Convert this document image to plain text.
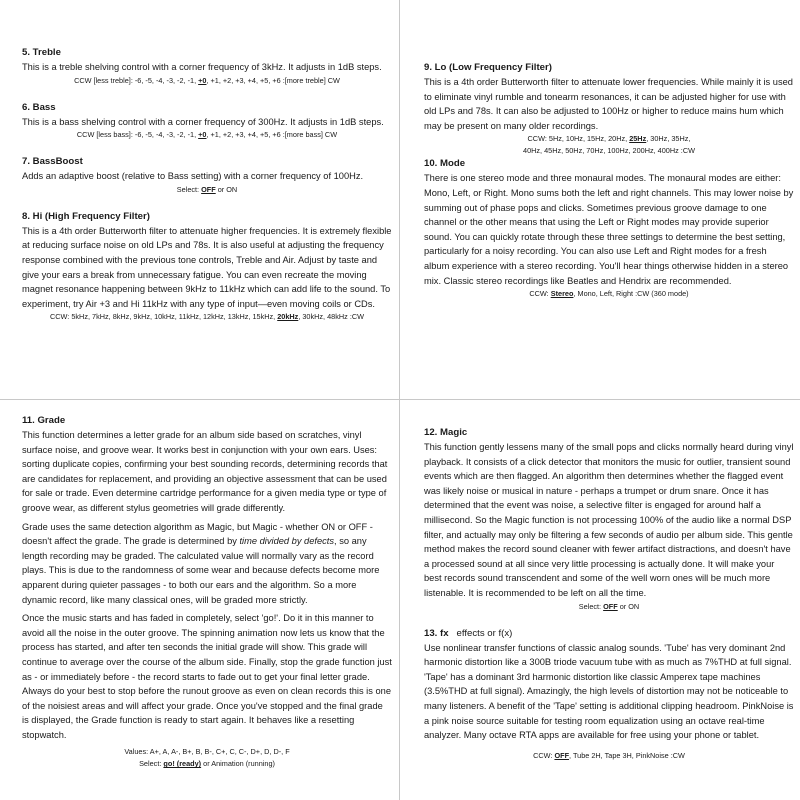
5. Treble

This is a treble shelving control with a corner frequency of 3kHz. It adjusts in 1dB steps.

CCW [less treble]: -6, -5, -4, -3, -2, -1, +0, +1, +2, +3, +4, +5, +6 :[more treble] CW

6. Bass

This is a bass shelving control with a corner frequency of 300Hz. It adjusts in 1dB steps.

CCW [less bass]: -6, -5, -4, -3, -2, -1, +0, +1, +2, +3, +4, +5, +6 :[more bass] CW

7. BassBoost

Adds an adaptive boost (relative to Bass setting) with a corner frequency of 100Hz.

Select: OFF or ON

8. Hi (High Frequency Filter)

This is a 4th order Butterworth filter to attenuate higher frequencies. It is extremely flexible at reducing surface noise on old LPs and 78s. It is also useful at adjusting the frequency response combined with the previous tone controls, Treble and Air. Adjust by taste and give your ears a break from unnecessary fatigue. You can even recreate the moving magnet resonance happening between 9kHz to 11kHz which can add life to the sound. To experiment, try Air +3 and Hi 11kHz with any type of input—even moving coils or CDs.

CCW: 5kHz, 7kHz, 8kHz, 9kHz, 10kHz, 11kHz, 12kHz, 13kHz, 15kHz, 20kHz, 30kHz, 48kHz :CW

9. Lo (Low Frequency Filter)

This is a 4th order Butterworth filter to attenuate lower frequencies. While mainly it is used to eliminate vinyl rumble and tonearm resonances, it can be adjusted higher for use with old LPs and 78s. It can also be adjusted to 100Hz or higher to reduce mains hum which may be present on many older recordings.

CCW: 5Hz, 10Hz, 15Hz, 20Hz, 25Hz, 30Hz, 35Hz,

40Hz, 45Hz, 50Hz, 70Hz, 100Hz, 200Hz, 400Hz :CW

10. Mode

There is one stereo mode and three monaural modes. The monaural modes are either: Mono, Left, or Right. Mono sums both the left and right channels. This may lower noise by summing out of phase pops and clicks. Sometimes previous groove damage to one channel or the other means that using the Left or Right modes may provide superior sound. You can quickly rotate through these three settings to determine the best setting, particularly for a noisy recording. You can also use Left and Right modes for a fresh album experience with a stereo recording. You'll hear things otherwise hidden in a stereo mix. Classic stereo recordings like Beatles and Hendrix are recommended.

CCW: Stereo, Mono, Left, Right :CW (360 mode)

11. Grade

This function determines a letter grade for an album side based on scratches, vinyl surface noise, and groove wear. It works best in conjunction with your own ears. Uses: sorting duplicate copies, confirming your best sounding records, determining records that are candidates for replacement, and providing an objective assessment that can be used for sale or trade. Even determine cartridge performance for a given media type or type of groove wear, as different stylus geometries will grade differently.

Grade uses the same detection algorithm as Magic, but Magic - whether ON or OFF - doesn't affect the grade. The grade is determined by time divided by defects, so any length recording may be graded. The calculated value will normally vary as the record plays. This is due to the randomness of some wear and because defects become more apparent during quieter passages - to both our ears and the algorithm. So a more dynamic record, like many classical ones, will be graded more strictly.

Once the music starts and has faded in completely, select 'go!'. Do it in this manner to avoid all the noise in the outer groove. The spinning animation now lets us know that the process has started, and after ten seconds the initial grade will show. This grade will continue to average over the course of the album side. Finally, stop the grade function just as - or immediately before - the record starts to fade out to get your final letter grade. Always do your best to stop before the runout groove as even on clean records this is one of the noisiest areas and will affect your grade. Once you've stopped and the final grade is displayed, the Grade function is ready to start again. It behaves like a resetting stopwatch.

Values: A+, A, A-, B+, B, B-, C+, C, C-, D+, D, D-, F

Select: go! (ready) or Animation (running)

12. Magic

This function gently lessens many of the small pops and clicks normally heard during vinyl playback. It consists of a click detector that monitors the music for outlier, transient sound events which are then flagged. An algorithm then determines whether the flagged event was likely noise or musical in nature - perhaps a trumpet or drum snare. Once it has determined that the event was noise, a selective filter is engaged for around half a millisecond. So the Magic function is not processing 100% of the audio like a normal DSP filter, and actually may only be filtering a few seconds of audio per album side. This gentle method makes the record sound cleaner with fewer artifact distractions, and doesn't have a processed sound at all since very little processing is actually done. It will make your best records sound transcendent and some of the well worn ones will be much more listenable. It is recommended to be left on all the time.

Select: OFF or ON

13. fx effects or f(x)

Use nonlinear transfer functions of classic analog sounds. 'Tube' has very dominant 2nd harmonic distortion like a 300B triode vacuum tube with as much as 7%THD at full signal. 'Tape' has a dominant 3rd harmonic distortion like classic Amperex tape machines (3.5%THD at full signal). Amazingly, the high levels of distortion may not be noticeable to many listeners. A benefit of the 'Tape' setting is additional clipping headroom. PinkNoise is a pink noise source suitable for testing room equalization using an octave real-time analyzer. Many octave RTA apps are available for free using your phone or tablet.

CCW: OFF, Tube 2H, Tape 3H, PinkNoise :CW
